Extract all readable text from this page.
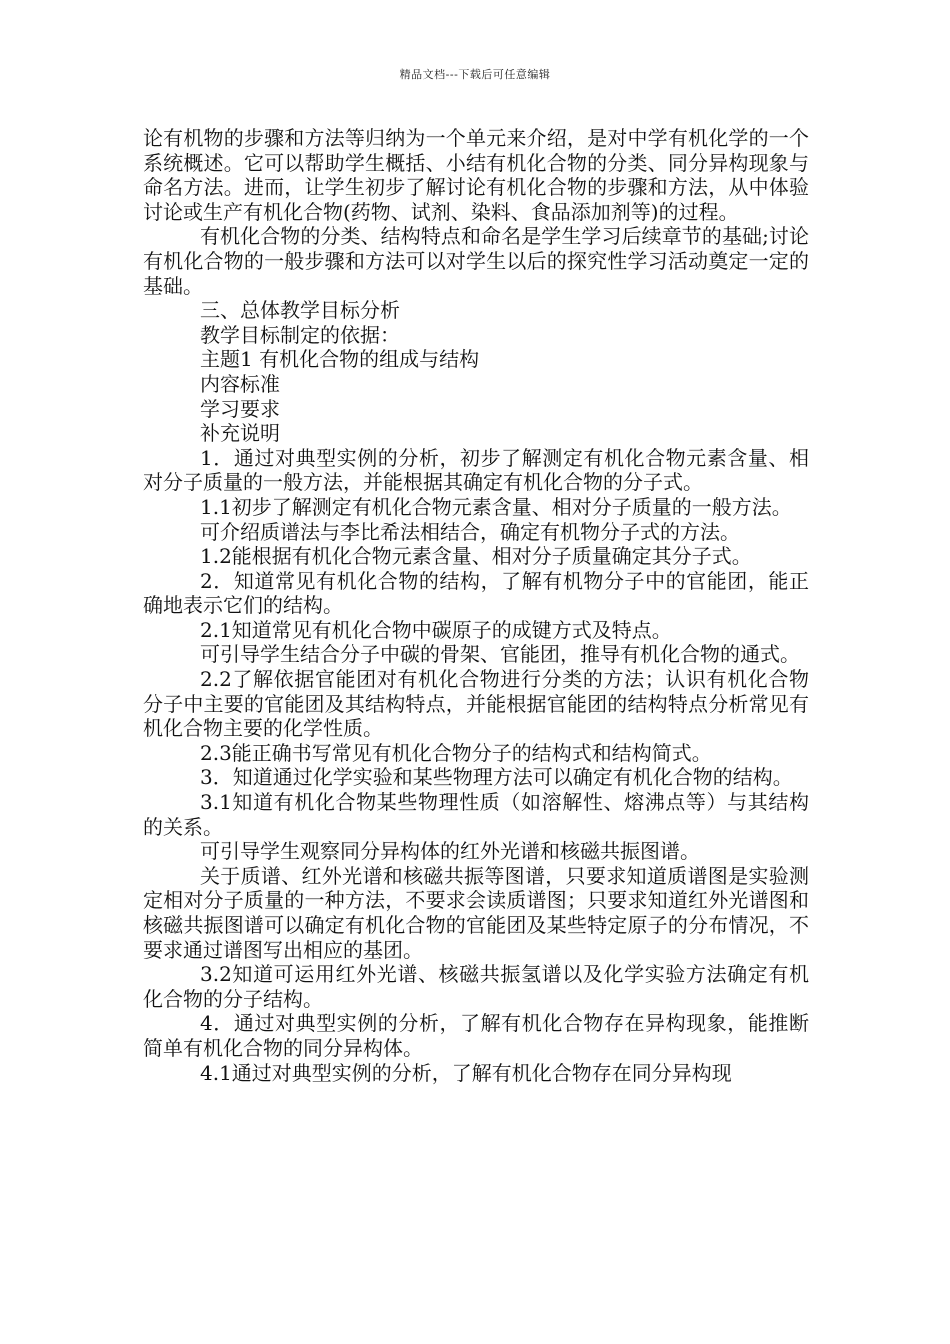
精品文档---下载后可任意编辑

论有机物的步骤和方法等归纳为一个单元来介绍，是对中学有机化学的一个系统概述。它可以帮助学生概括、小结有机化合物的分类、同分异构现象与命名方法。进而，让学生初步了解讨论有机化合物的步骤和方法，从中体验讨论或生产有机化合物(药物、试剂、染料、食品添加剂等)的过程。

有机化合物的分类、结构特点和命名是学生学习后续章节的基础;讨论有机化合物的一般步骤和方法可以对学生以后的探究性学习活动奠定一定的基础。

三、总体教学目标分析

教学目标制定的依据：

主题1 有机化合物的组成与结构

内容标准

学习要求

补充说明

1．通过对典型实例的分析，初步了解测定有机化合物元素含量、相对分子质量的一般方法，并能根据其确定有机化合物的分子式。

1.1初步了解测定有机化合物元素含量、相对分子质量的一般方法。

可介绍质谱法与李比希法相结合，确定有机物分子式的方法。

1.2能根据有机化合物元素含量、相对分子质量确定其分子式。

2．知道常见有机化合物的结构，了解有机物分子中的官能团，能正确地表示它们的结构。

2.1知道常见有机化合物中碳原子的成键方式及特点。

可引导学生结合分子中碳的骨架、官能团，推导有机化合物的通式。

2.2了解依据官能团对有机化合物进行分类的方法；认识有机化合物分子中主要的官能团及其结构特点，并能根据官能团的结构特点分析常见有机化合物主要的化学性质。

2.3能正确书写常见有机化合物分子的结构式和结构简式。

3．知道通过化学实验和某些物理方法可以确定有机化合物的结构。

3.1知道有机化合物某些物理性质（如溶解性、熔沸点等）与其结构的关系。

可引导学生观察同分异构体的红外光谱和核磁共振图谱。

关于质谱、红外光谱和核磁共振等图谱，只要求知道质谱图是实验测定相对分子质量的一种方法，不要求会读质谱图；只要求知道红外光谱图和核磁共振图谱可以确定有机化合物的官能团及某些特定原子的分布情况，不要求通过谱图写出相应的基团。

3.2知道可运用红外光谱、核磁共振氢谱以及化学实验方法确定有机化合物的分子结构。

4．通过对典型实例的分析，了解有机化合物存在异构现象，能推断简单有机化合物的同分异构体。

4.1通过对典型实例的分析，了解有机化合物存在同分异构现
